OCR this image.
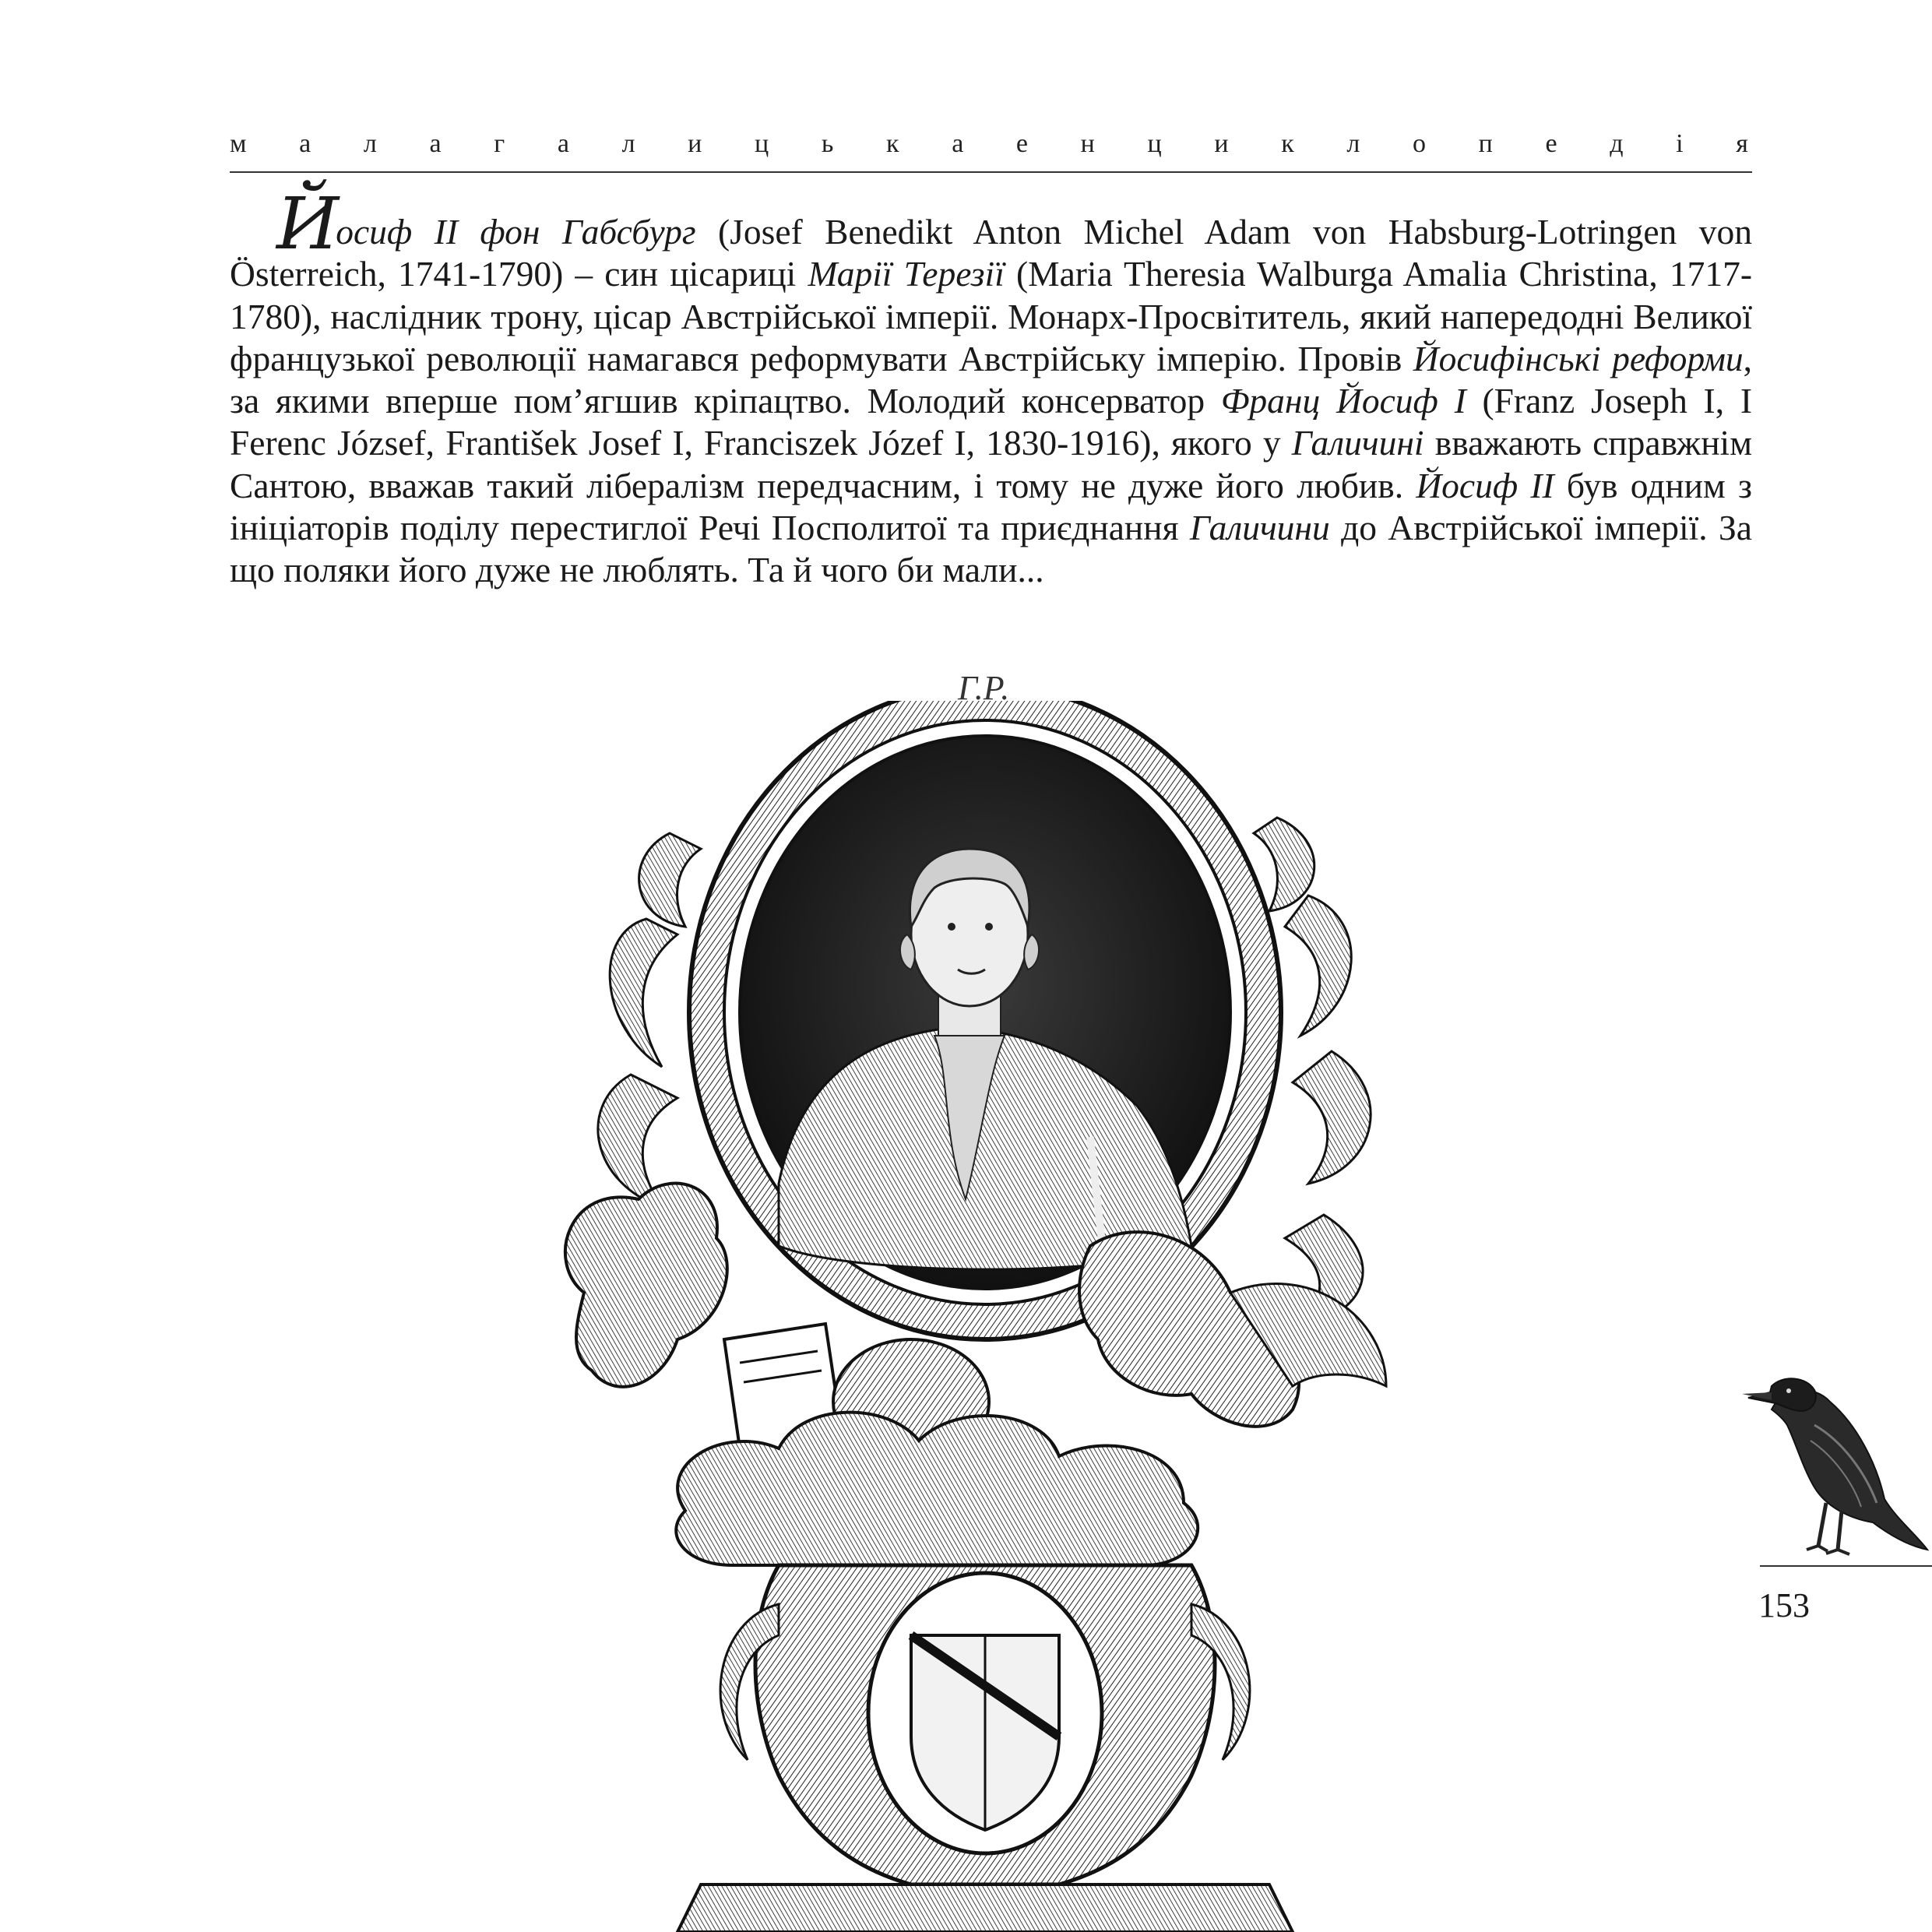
м а л а г а л и ц ь к а е н ц и к л о п е д і я
Йосиф ІІ фон Габсбург (Josef Benedikt Anton Michel Adam von Habsburg-Lotringen von Österreich, 1741-1790) – син цісариці Марії Терезії (Maria Theresia Walburga Amalia Christina, 1717-1780), наслідник трону, цісар Австрійської імперії. Монарх-Просвітитель, який напередодні Великої французької революції намагався реформувати Австрійську імперію. Провів Йосифінські реформи, за якими вперше пом’ягшив кріпацтво. Молодий консерватор Франц Йосиф I (Franz Joseph I, I Ferenc József, František Josef I, Franciszek Józef I, 1830-1916), якого у Галичині вважають справжнім Сантою, вважав такий лібералізм передчасним, і тому не дуже його любив. Йосиф ІІ був одним з ініціаторів поділу перестиглої Речі Посполитої та приєднання Галичини до Австрійської імперії. За що поляки його дуже не люблять. Та й чого би мали...
Г.Р.
153
